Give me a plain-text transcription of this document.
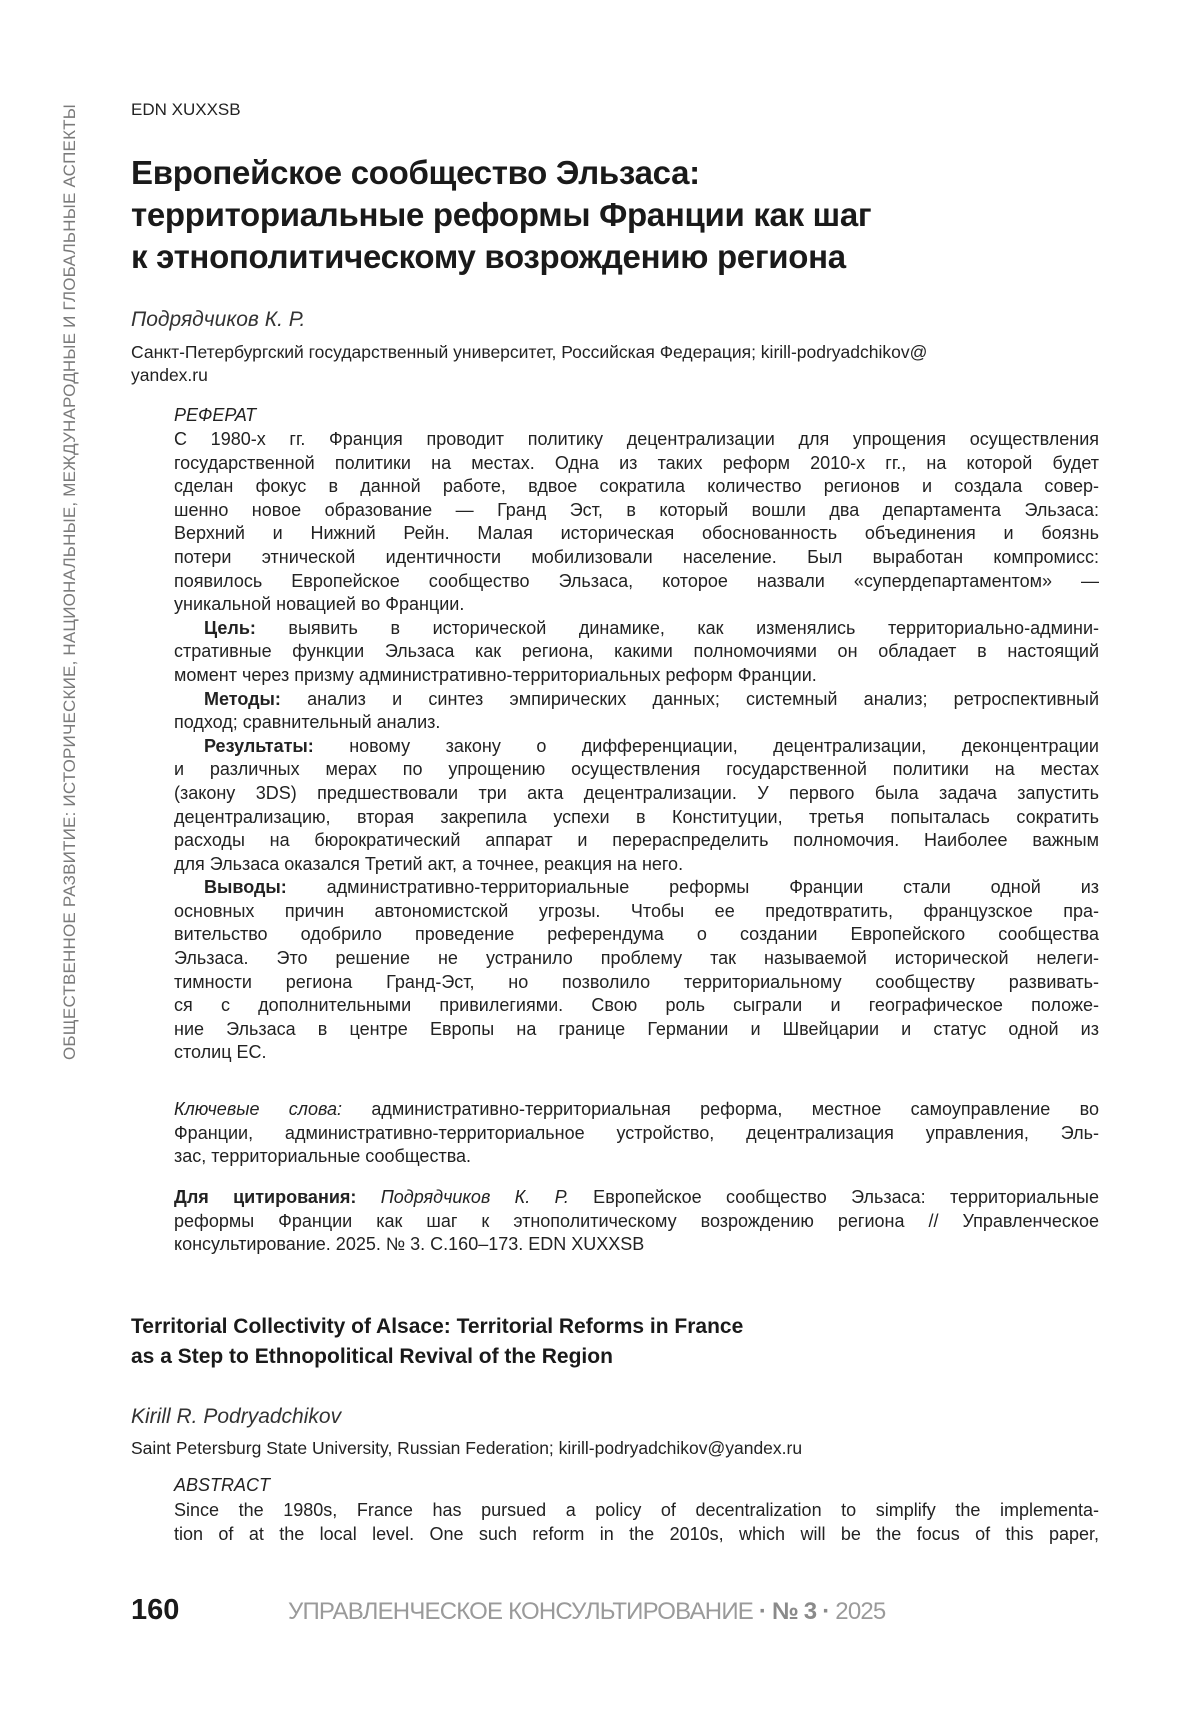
ОБЩЕСТВЕННОЕ РАЗВИТИЕ: ИСТОРИЧЕСКИЕ, НАЦИОНАЛЬНЫЕ, МЕЖДУНАРОДНЫЕ И ГЛОБАЛЬНЫЕ АСПЕКТЫ	EDN XUXXSB
Европейское сообщество Эльзаса:
территориальные реформы Франции как шаг
к этнополитическому возрождению региона
Подрядчиков К. Р.
Санкт-Петербургский государственный университет, Российская Федерация; kirill-podryadchikov@
yandex.ru
РЕФЕРАТ
С 1980-х гг. Франция проводит политику децентрализации для упрощения осуществления
государственной политики на местах. Одна из таких реформ 2010-х гг., на которой будет
сделан фокус в данной работе, вдвое сократила количество регионов и создала совер-
шенно новое образование — Гранд Эст, в который вошли два департамента Эльзаса:
Верхний и Нижний Рейн. Малая историческая обоснованность объединения и боязнь
потери этнической идентичности мобилизовали население. Был выработан компромисс:
появилось Европейское сообщество Эльзаса, которое назвали «супердепартаментом» —
уникальной новацией во Франции.
Цель: выявить в исторической динамике, как изменялись территориально-админи-
стративные функции Эльзаса как региона, какими полномочиями он обладает в настоящий
момент через призму административно-территориальных реформ Франции.
Методы: анализ и синтез эмпирических данных; системный анализ; ретроспективный
подход; сравнительный анализ.
Результаты: новому закону о дифференциации, децентрализации, деконцентрации
и различных мерах по упрощению осуществления государственной политики на местах
(закону 3DS) предшествовали три акта децентрализации. У первого была задача запустить
децентрализацию, вторая закрепила успехи в Конституции, третья попыталась сократить
расходы на бюрократический аппарат и перераспределить полномочия. Наиболее важным
для Эльзаса оказался Третий акт, а точнее, реакция на него.
Выводы: административно-территориальные реформы Франции стали одной из
основных причин автономистской угрозы. Чтобы ее предотвратить, французское пра-
вительство одобрило проведение референдума о создании Европейского сообщества
Эльзаса. Это решение не устранило проблему так называемой исторической нелеги-
тимности региона Гранд-Эст, но позволило территориальному сообществу развивать-
ся с дополнительными привилегиями. Свою роль сыграли и географическое положе-
ние Эльзаса в центре Европы на границе Германии и Швейцарии и статус одной из
столиц ЕС.
Ключевые слова: административно-территориальная реформа, местное самоуправление во
Франции, административно-территориальное устройство, децентрализация управления, Эль-
зас, территориальные сообщества.
Для цитирования: Подрядчиков К. Р. Европейское сообщество Эльзаса: территориальные
реформы Франции как шаг к этнополитическому возрождению региона // Управленческое
консультирование. 2025. № 3. С.160–173. EDN XUXXSB
Territorial Collectivity of Alsace: Territorial Reforms in France
as a Step to Ethnopolitical Revival of the Region
Kirill R. Podryadchikov
Saint Petersburg State University, Russian Federation; kirill-podryadchikov@yandex.ru
ABSTRACT
Since the 1980s, France has pursued a policy of decentralization to simplify the implementa-
tion of at the local level. One such reform in the 2010s, which will be the focus of this paper,
160	УПРАВЛЕНЧЕСКОЕ КОНСУЛЬТИРОВАНИЕ · № 3 · 2025
